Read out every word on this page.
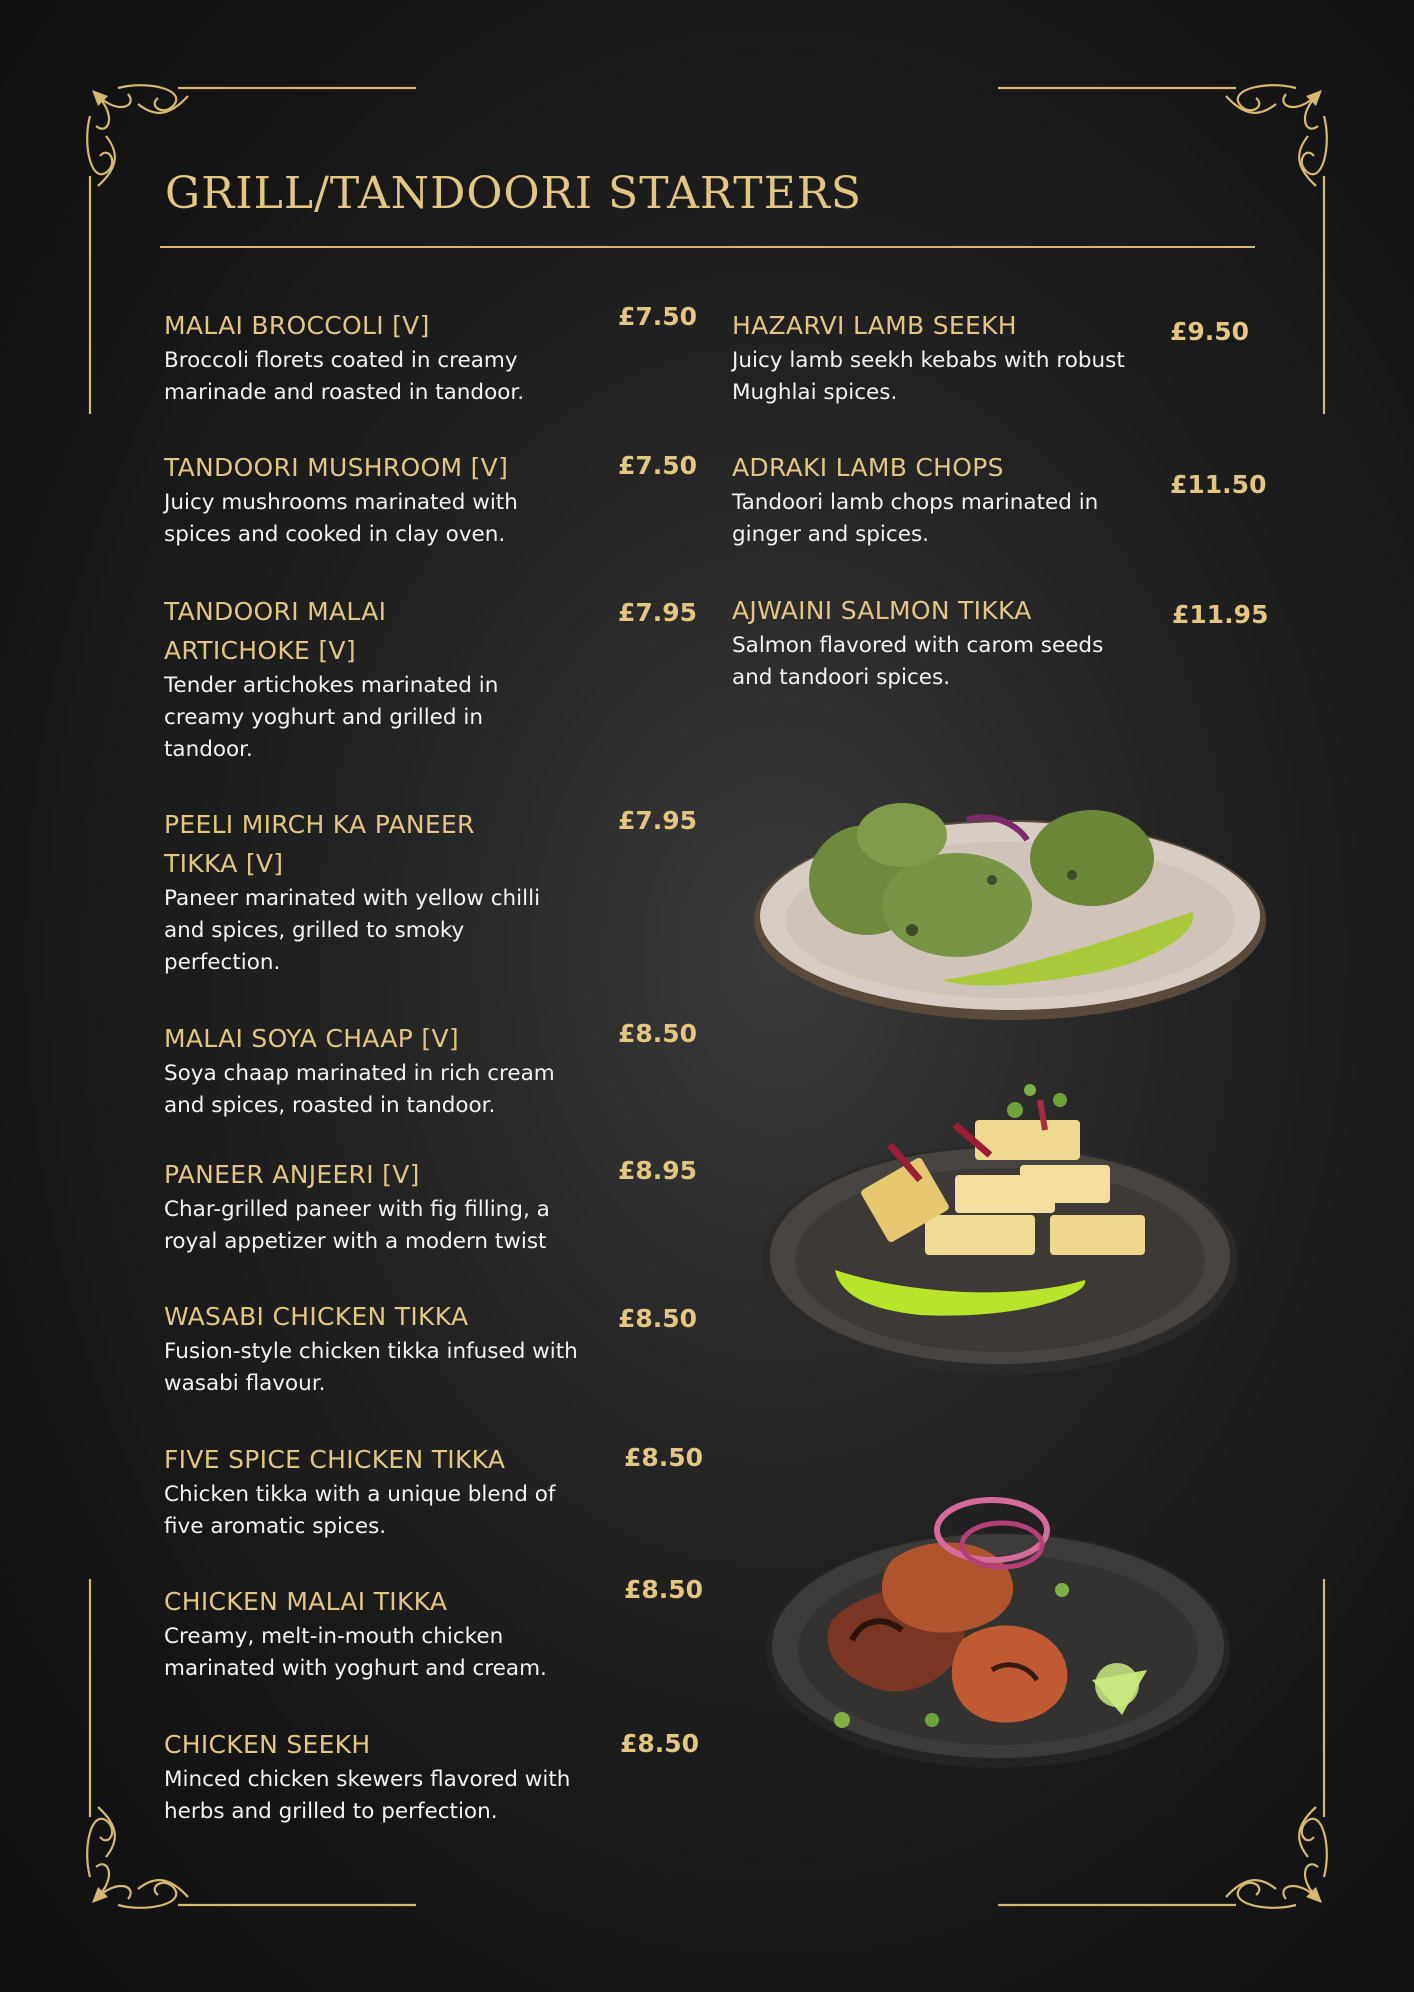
GRILL/TANDOORI STARTERS
MALAI BROCCOLI [V]
Broccoli florets coated in creamy marinade and roasted in tandoor.
£7.50
TANDOORI MUSHROOM [V]
Juicy mushrooms marinated with spices and cooked in clay oven.
£7.50
TANDOORI MALAI ARTICHOKE [V]
Tender artichokes marinated in creamy yoghurt and grilled in tandoor.
£7.95
PEELI MIRCH KA PANEER TIKKA [V]
Paneer marinated with yellow chilli and spices, grilled to smoky perfection.
£7.95
MALAI SOYA CHAAP [V]
Soya chaap marinated in rich cream and spices, roasted in tandoor.
£8.50
PANEER ANJEERI [V]
Char-grilled paneer with fig filling, a royal appetizer with a modern twist
£8.95
WASABI CHICKEN TIKKA
Fusion-style chicken tikka infused with wasabi flavour.
£8.50
FIVE SPICE CHICKEN TIKKA
Chicken tikka with a unique blend of five aromatic spices.
£8.50
CHICKEN MALAI TIKKA
Creamy, melt-in-mouth chicken marinated with yoghurt and cream.
£8.50
CHICKEN SEEKH
Minced chicken skewers flavored with herbs and grilled to perfection.
£8.50
HAZARVI LAMB SEEKH
Juicy lamb seekh kebabs with robust Mughlai spices.
£9.50
ADRAKI LAMB CHOPS
Tandoori lamb chops marinated in ginger and spices.
£11.50
AJWAINI SALMON TIKKA
Salmon flavored with carom seeds and tandoori spices.
£11.95
